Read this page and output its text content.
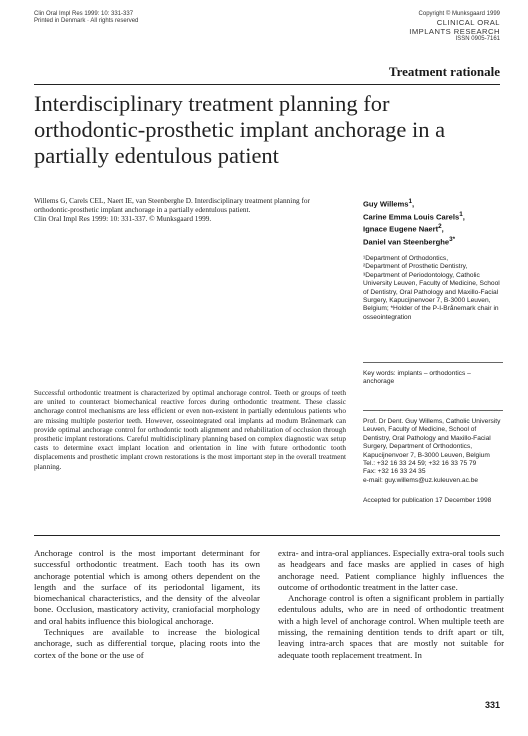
Clin Oral Impl Res 1999: 10: 331-337
Printed in Denmark · All rights reserved
Copyright © Munksgaard 1999
CLINICAL ORAL
IMPLANTS RESEARCH
ISSN 0905-7161
Treatment rationale
Interdisciplinary treatment planning for orthodontic-prosthetic implant anchorage in a partially edentulous patient

Willems G, Carels CEL, Naert IE, van Steenberghe D. Interdisciplinary treatment planning for orthodontic-prosthetic implant anchorage in a partially edentulous patient.

Clin Oral Impl Res 1999: 10: 331-337. © Munksgaard 1999.

Guy Willems$^1$,
Carine Emma Louis Carels$^1$,
Ignace Eugene Naert$^2$,
Daniel van Steenberghe$^{3*}$

¹Department of Orthodontics,

²Department of Prosthetic Dentistry,

³Department of Periodontology, Catholic University Leuven, Faculty of Medicine, School of Dentistry, Oral Pathology and Maxillo-Facial Surgery, Kapucijnenvoer 7, B-3000 Leuven, Belgium; *Holder of the P-I-Brånemark chair in osseointegration

Key words: implants – orthodontics – anchorage

Prof. Dr Dent. Guy Willems, Catholic University Leuven, Faculty of Medicine, School of Dentistry, Oral Pathology and Maxillo-Facial Surgery, Department of Orthodontics, Kapucijnenvoer 7, B-3000 Leuven, Belgium

Tel.: +32 16 33 24 59; +32 16 33 75 79

Fax: +32 16 33 24 35

e-mail: guy.willems@uz.kuleuven.ac.be

Accepted for publication 17 December 1998
Successful orthodontic treatment is characterized by optimal anchorage control. Teeth or groups of teeth are united to counteract biomechanical reactive forces during orthodontic treatment. These classic anchorage control mechanisms are less efficient or even non-existent in partially edentulous patients who are missing multiple posterior teeth. However, osseointegrated oral implants ad modum Brånemark can provide optimal anchorage control for orthodontic tooth alignment and rehabilitation of occlusion through prosthetic implant restorations. Careful multidisciplinary planning based on complex diagnostic wax setup casts to determine exact implant location and orientation in line with future orthodontic tooth displacements and prosthetic implant crown restorations is the most important step in the overall treatment planning.

Anchorage control is the most important determinant for successful orthodontic treatment. Each tooth has its own anchorage potential which is among others dependent on the length and the surface of its periodontal ligament, its biomechanical characteristics, and the density of the alveolar bone. Occlusion, masticatory activity, craniofacial morphology and oral habits influence this biological anchorage.

Techniques are available to increase the biological anchorage, such as differential torque, placing roots into the cortex of the bone or the use of

extra- and intra-oral appliances. Especially extra-oral tools such as headgears and face masks are applied in cases of high anchorage need. Patient compliance highly influences the outcome of orthodontic treatment in the latter case.

Anchorage control is often a significant problem in partially edentulous adults, who are in need of orthodontic treatment with a high level of anchorage control. When multiple teeth are missing, the remaining dentition tends to drift apart or tilt, leaving intra-arch spaces that are mostly not suitable for adequate tooth replacement treatment. In

331
